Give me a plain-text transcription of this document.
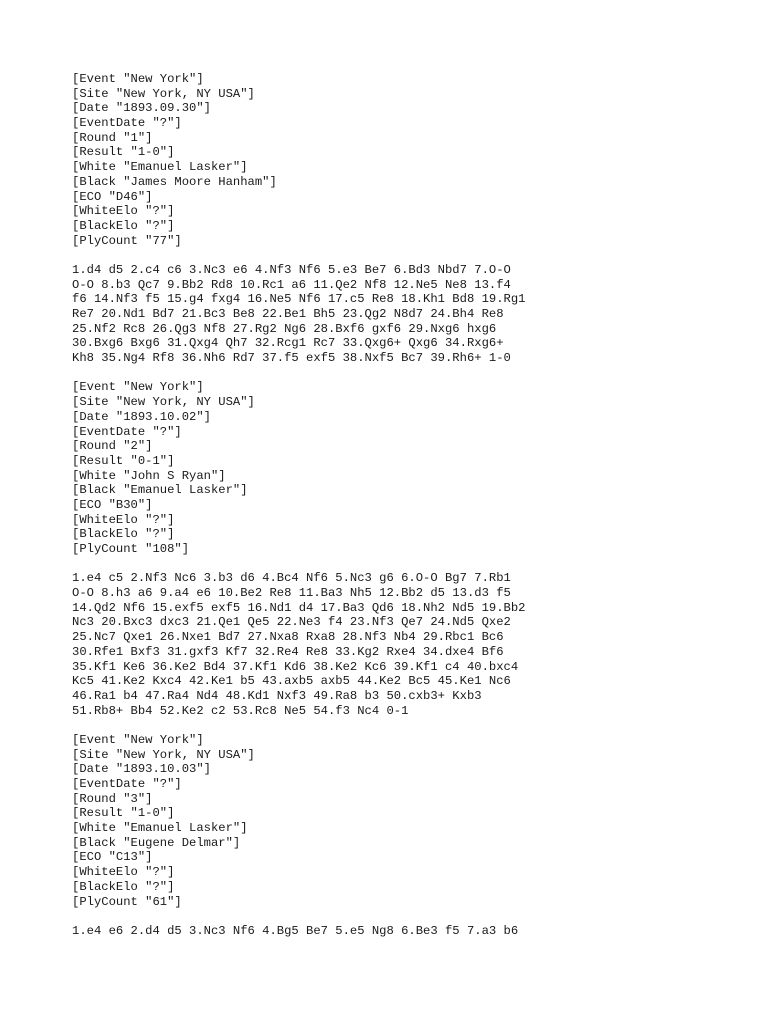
[Event "New York"]
[Site "New York, NY USA"]
[Date "1893.09.30"]
[EventDate "?"]
[Round "1"]
[Result "1-0"]
[White "Emanuel Lasker"]
[Black "James Moore Hanham"]
[ECO "D46"]
[WhiteElo "?"]
[BlackElo "?"]
[PlyCount "77"]
1.d4 d5 2.c4 c6 3.Nc3 e6 4.Nf3 Nf6 5.e3 Be7 6.Bd3 Nbd7 7.O-O
O-O 8.b3 Qc7 9.Bb2 Rd8 10.Rc1 a6 11.Qe2 Nf8 12.Ne5 Ne8 13.f4
f6 14.Nf3 f5 15.g4 fxg4 16.Ne5 Nf6 17.c5 Re8 18.Kh1 Bd8 19.Rg1
Re7 20.Nd1 Bd7 21.Bc3 Be8 22.Be1 Bh5 23.Qg2 N8d7 24.Bh4 Re8
25.Nf2 Rc8 26.Qg3 Nf8 27.Rg2 Ng6 28.Bxf6 gxf6 29.Nxg6 hxg6
30.Bxg6 Bxg6 31.Qxg4 Qh7 32.Rcg1 Rc7 33.Qxg6+ Qxg6 34.Rxg6+
Kh8 35.Ng4 Rf8 36.Nh6 Rd7 37.f5 exf5 38.Nxf5 Bc7 39.Rh6+ 1-0
[Event "New York"]
[Site "New York, NY USA"]
[Date "1893.10.02"]
[EventDate "?"]
[Round "2"]
[Result "0-1"]
[White "John S Ryan"]
[Black "Emanuel Lasker"]
[ECO "B30"]
[WhiteElo "?"]
[BlackElo "?"]
[PlyCount "108"]
1.e4 c5 2.Nf3 Nc6 3.b3 d6 4.Bc4 Nf6 5.Nc3 g6 6.O-O Bg7 7.Rb1
O-O 8.h3 a6 9.a4 e6 10.Be2 Re8 11.Ba3 Nh5 12.Bb2 d5 13.d3 f5
14.Qd2 Nf6 15.exf5 exf5 16.Nd1 d4 17.Ba3 Qd6 18.Nh2 Nd5 19.Bb2
Nc3 20.Bxc3 dxc3 21.Qe1 Qe5 22.Ne3 f4 23.Nf3 Qe7 24.Nd5 Qxe2
25.Nc7 Qxe1 26.Nxe1 Bd7 27.Nxa8 Rxa8 28.Nf3 Nb4 29.Rbc1 Bc6
30.Rfe1 Bxf3 31.gxf3 Kf7 32.Re4 Re8 33.Kg2 Rxe4 34.dxe4 Bf6
35.Kf1 Ke6 36.Ke2 Bd4 37.Kf1 Kd6 38.Ke2 Kc6 39.Kf1 c4 40.bxc4
Kc5 41.Ke2 Kxc4 42.Ke1 b5 43.axb5 axb5 44.Ke2 Bc5 45.Ke1 Nc6
46.Ra1 b4 47.Ra4 Nd4 48.Kd1 Nxf3 49.Ra8 b3 50.cxb3+ Kxb3
51.Rb8+ Bb4 52.Ke2 c2 53.Rc8 Ne5 54.f3 Nc4 0-1
[Event "New York"]
[Site "New York, NY USA"]
[Date "1893.10.03"]
[EventDate "?"]
[Round "3"]
[Result "1-0"]
[White "Emanuel Lasker"]
[Black "Eugene Delmar"]
[ECO "C13"]
[WhiteElo "?"]
[BlackElo "?"]
[PlyCount "61"]
1.e4 e6 2.d4 d5 3.Nc3 Nf6 4.Bg5 Be7 5.e5 Ng8 6.Be3 f5 7.a3 b6
